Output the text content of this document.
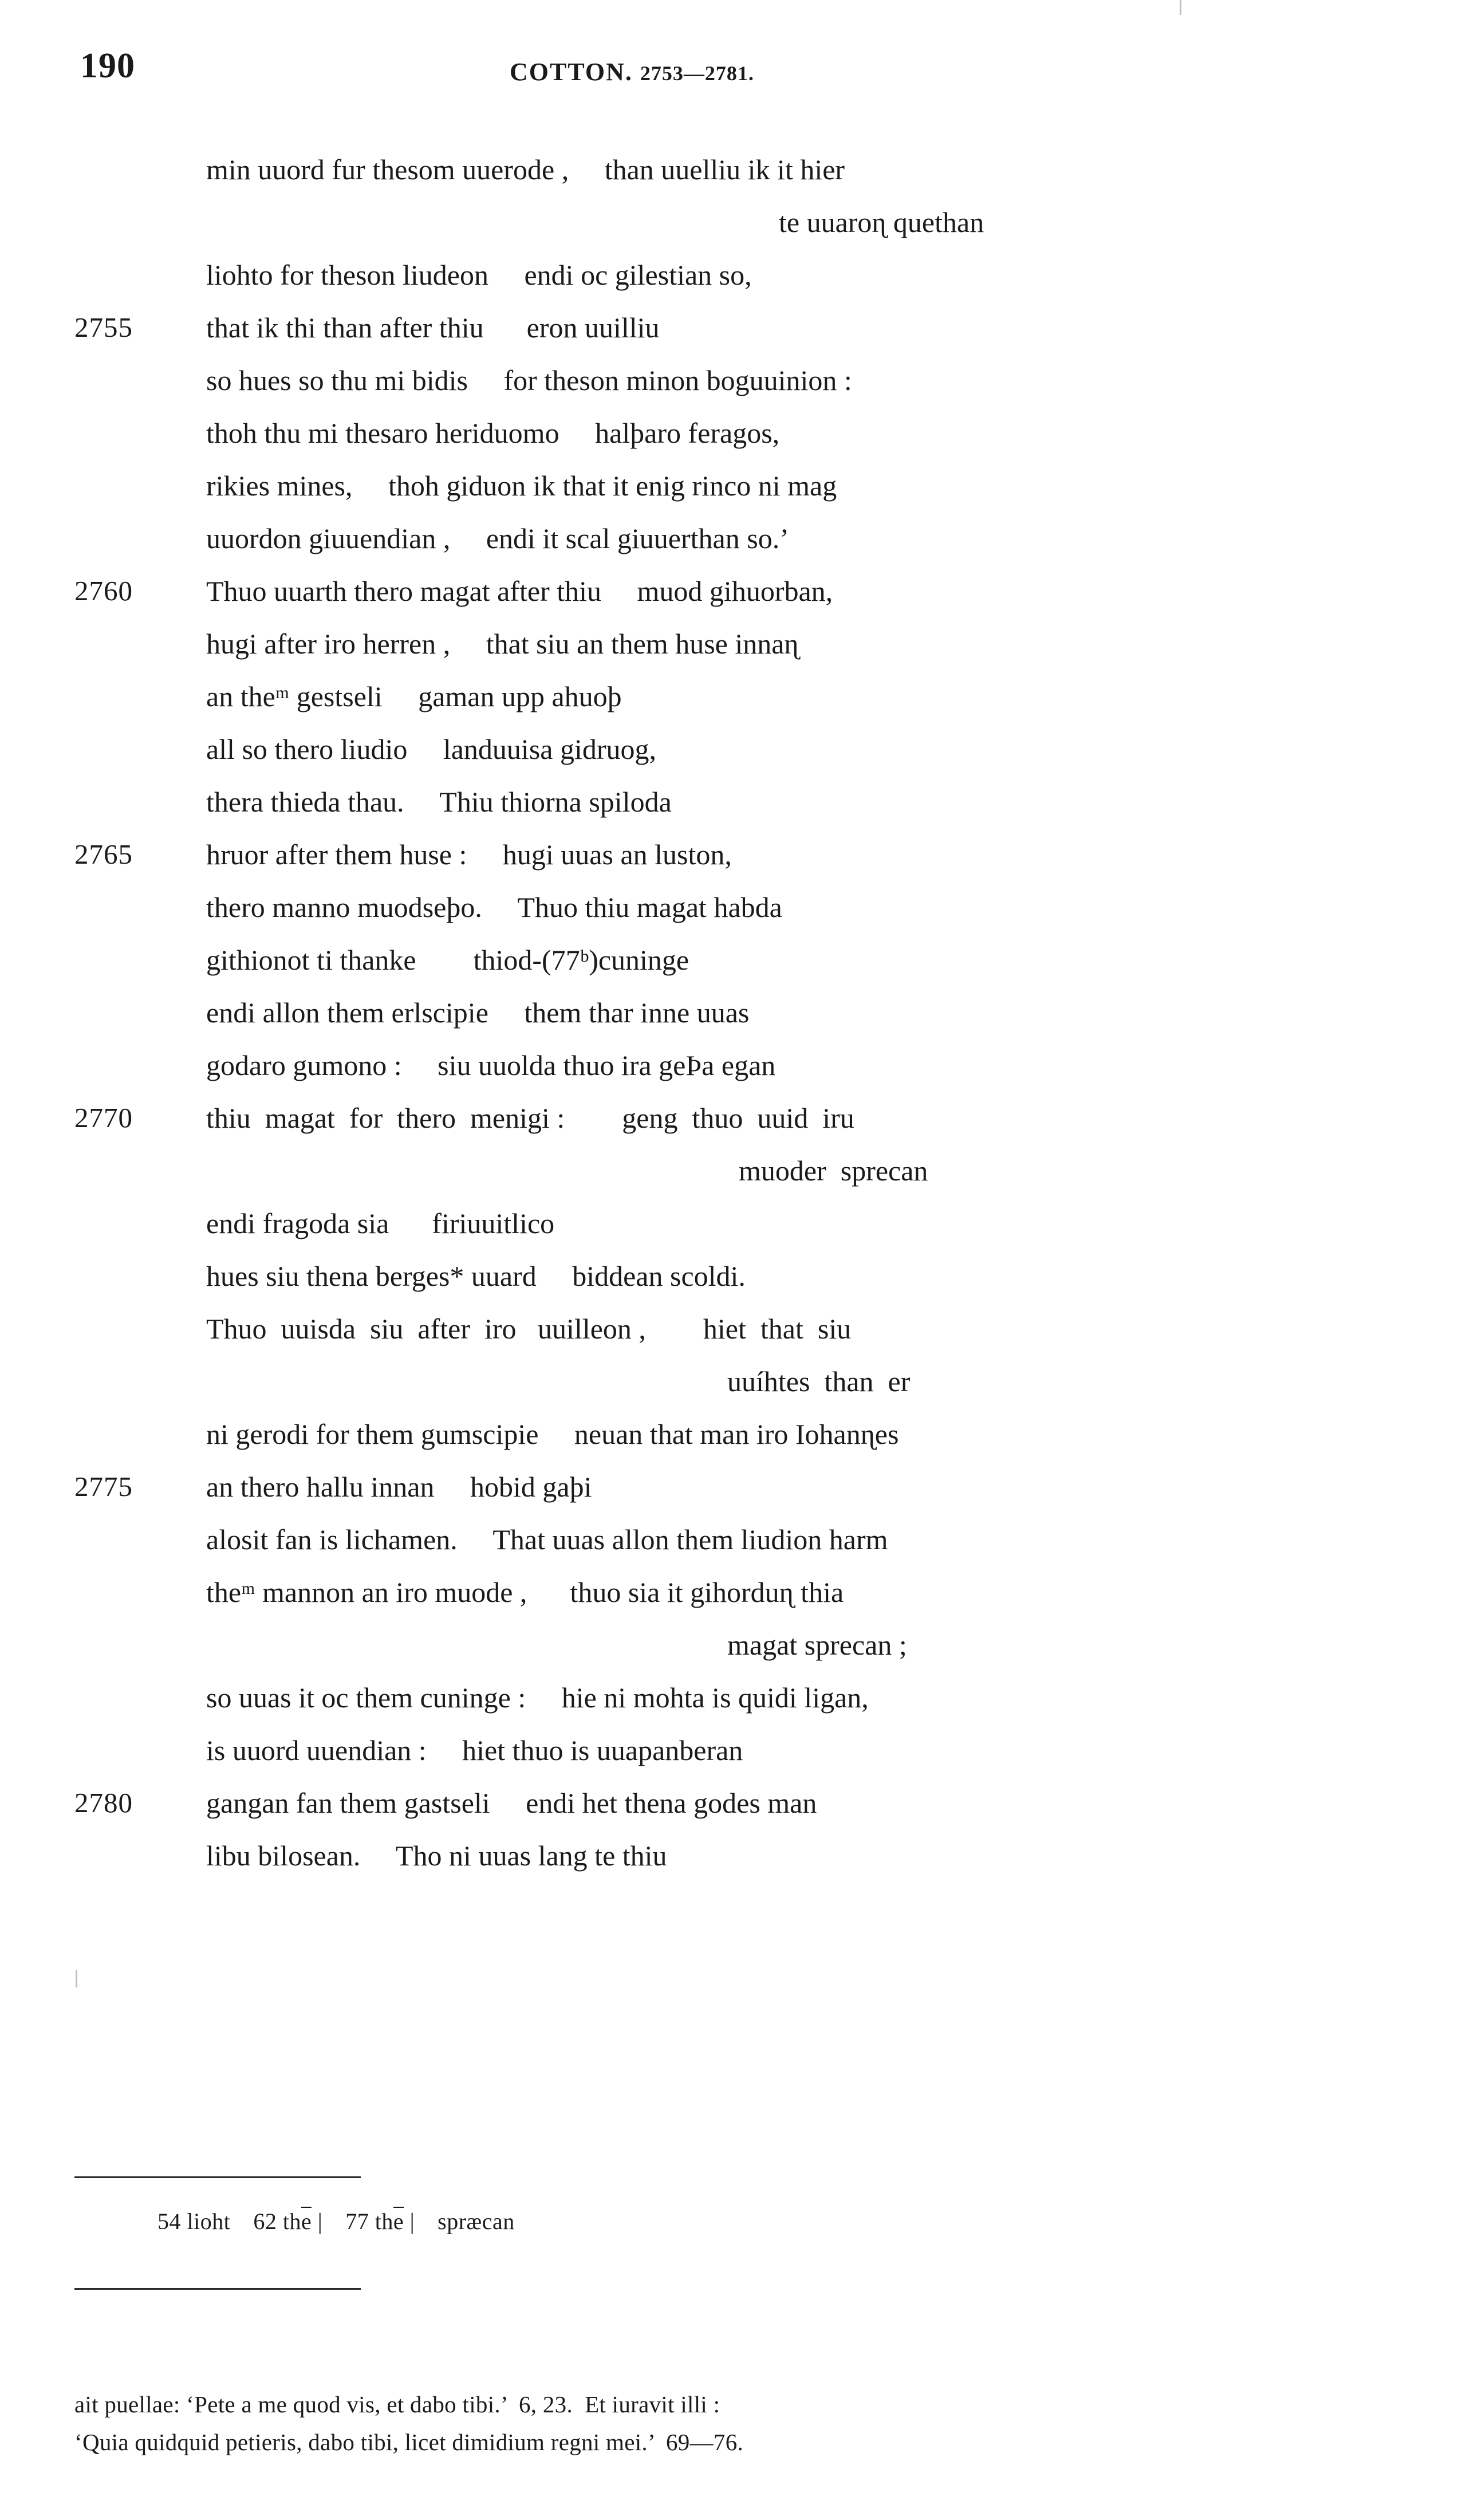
190	COTTON. 2753—2781.
min uuord fur thesom uuerode ,     than uuelliu ik it hier
te uuaroɳ quethan
liohto for theson liudeon     endi oc gilestian so,
2755	that ik thi than after thiu      eron uuilliu
so hues so thu mi bidis     for theson minon boguuinion :
thoh thu mi thesaro heriduomo     halþaro feragos,
rikies mines,     thoh giduon ik that it enig rinco ni mag
uuordon giuuendian ,     endi it scal giuuerthan so.’
2760	Thuo uuarth thero magat after thiu     muod gihuorban,
hugi after iro herren ,     that siu an them huse innaɳ
an theᵐ gestseli     gaman upp ahuoþ
all so thero liudio     landuuisa gidruog,
thera thieda thau.     Thiu thiorna spiloda
2765	hruor after them huse :     hugi uuas an luston,
thero manno muodseþo.     Thuo thiu magat habda
githionot ti thanke        thiod-(77ᵇ)cuninge
endi allon them erlscipie     them thar inne uuas
godaro gumono :     siu uuolda thuo ira geÞa egan
2770	thiu  magat  for  thero  menigi :        geng  thuo  uuid  iru
muoder  sprecan
endi fragoda sia      firiuuitlico
hues siu thena berges* uuard     biddean scoldi.
Thuo  uuisda  siu  after  iro   uuilleon ,        hiet  that  siu
uuíhtes  than  er
ni gerodi for them gumscipie     neuan that man iro Iohanɳes
2775	an thero hallu innan     hobid gaþi
alosit fan is lichamen.     That uuas allon them liudion harm
theᵐ mannon an iro muode ,      thuo sia it gihorduɳ thia
magat sprеcan ;
so uuas it oc them cuninge :     hie ni mohta is quidi ligan,
is uuord uuendian :     hiet thuo is uuapanberan
2780	gangan fan them gastseli     endi het thena godes man
libu bilosean.     Tho ni uuas lang te thiu
54 lioht 62 the | 77 the | spræcan
ait puellae: ‘Pete a me quod vis, et dabo tibi.’  6, 23.  Et iuravit illi :
‘Quia quidquid petieris, dabo tibi, licet dimidium regni mei.’  69—76.
